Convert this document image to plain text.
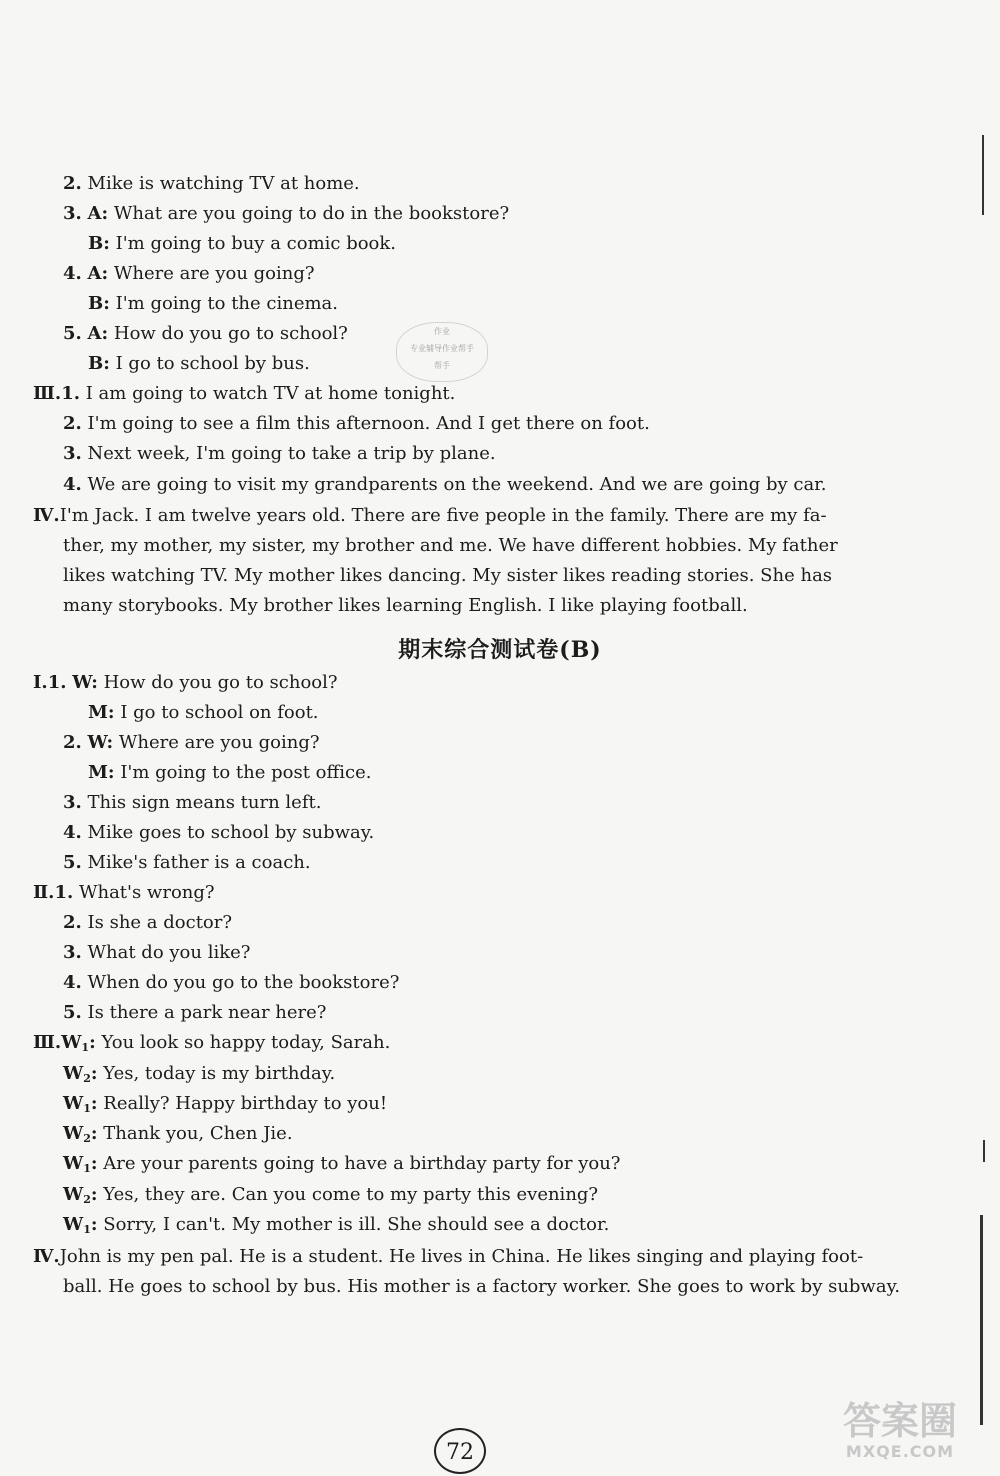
2. Mike is watching TV at home.
3. A: What are you going to do in the bookstore?
B: I'm going to buy a comic book.
4. A: Where are you going?
B: I'm going to the cinema.
5. A: How do you go to school?
B: I go to school by bus.
Ⅲ.1. I am going to watch TV at home tonight.
2. I'm going to see a film this afternoon. And I get there on foot.
3. Next week, I'm going to take a trip by plane.
4. We are going to visit my grandparents on the weekend. And we are going by car.
Ⅳ.I'm Jack. I am twelve years old. There are five people in the family. There are my fa-
ther, my mother, my sister, my brother and me. We have different hobbies. My father
likes watching TV. My mother likes dancing. My sister likes reading stories. She has
many storybooks. My brother likes learning English. I like playing football.
期末综合测试卷(B)
Ⅰ.1. W: How do you go to school?
M: I go to school on foot.
2. W: Where are you going?
M: I'm going to the post office.
3. This sign means turn left.
4. Mike goes to school by subway.
5. Mike's father is a coach.
Ⅱ.1. What's wrong?
2. Is she a doctor?
3. What do you like?
4. When do you go to the bookstore?
5. Is there a park near here?
$Ⅲ.W_1$: You look so happy today, Sarah.
$W_2$: Yes, today is my birthday.
$W_1$: Really? Happy birthday to you!
$W_2$: Thank you, Chen Jie.
$W_1$: Are your parents going to have a birthday party for you?
$W_2$: Yes, they are. Can you come to my party this evening?
$W_1$: Sorry, I can't. My mother is ill. She should see a doctor.
Ⅳ.John is my pen pal. He is a student. He lives in China. He likes singing and playing foot-
ball. He goes to school by bus. His mother is a factory worker. She goes to work by subway.
作业
专业辅导作业帮手
帮手
72
答案圈
MXQE.COM
